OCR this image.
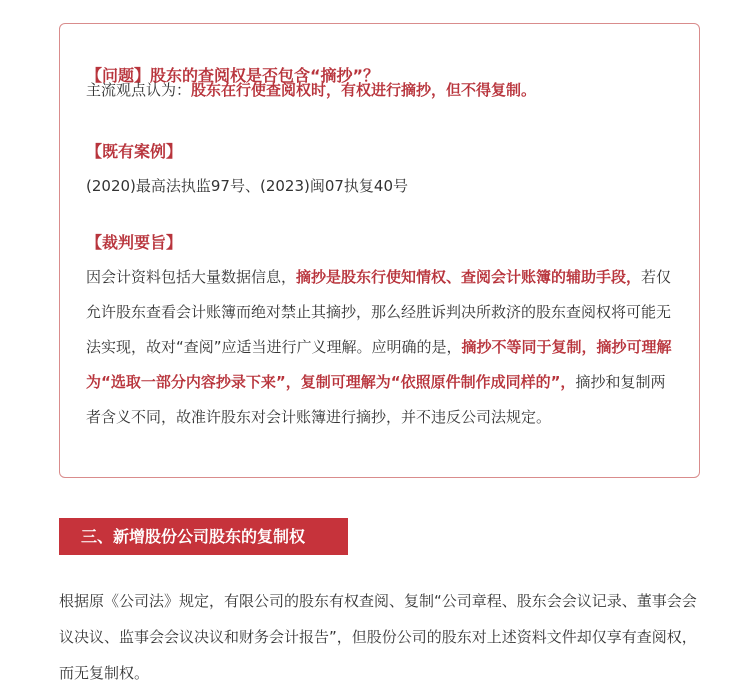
【问题】股东的查阅权是否包含“摘抄”？
主流观点认为：股东在行使查阅权时，有权进行摘抄，但不得复制。
【既有案例】
(2020)最高法执监97号、(2023)闽07执复40号
【裁判要旨】
因会计资料包括大量数据信息，摘抄是股东行使知情权、查阅会计账簿的辅助手段，若仅允许股东查看会计账簿而绝对禁止其摘抄，那么经胜诉判决所救济的股东查阅权将可能无法实现，故对“查阅”应适当进行广义理解。应明确的是，摘抄不等同于复制，摘抄可理解为“选取一部分内容抄录下来”，复制可理解为“依照原件制作成同样的”，摘抄和复制两者含义不同，故准许股东对会计账簿进行摘抄，并不违反公司法规定。
三、新增股份公司股东的复制权
根据原《公司法》规定，有限公司的股东有权查阅、复制“公司章程、股东会会议记录、董事会会议决议、监事会会议决议和财务会计报告”，但股份公司的股东对上述资料文件却仅享有查阅权，而无复制权。
